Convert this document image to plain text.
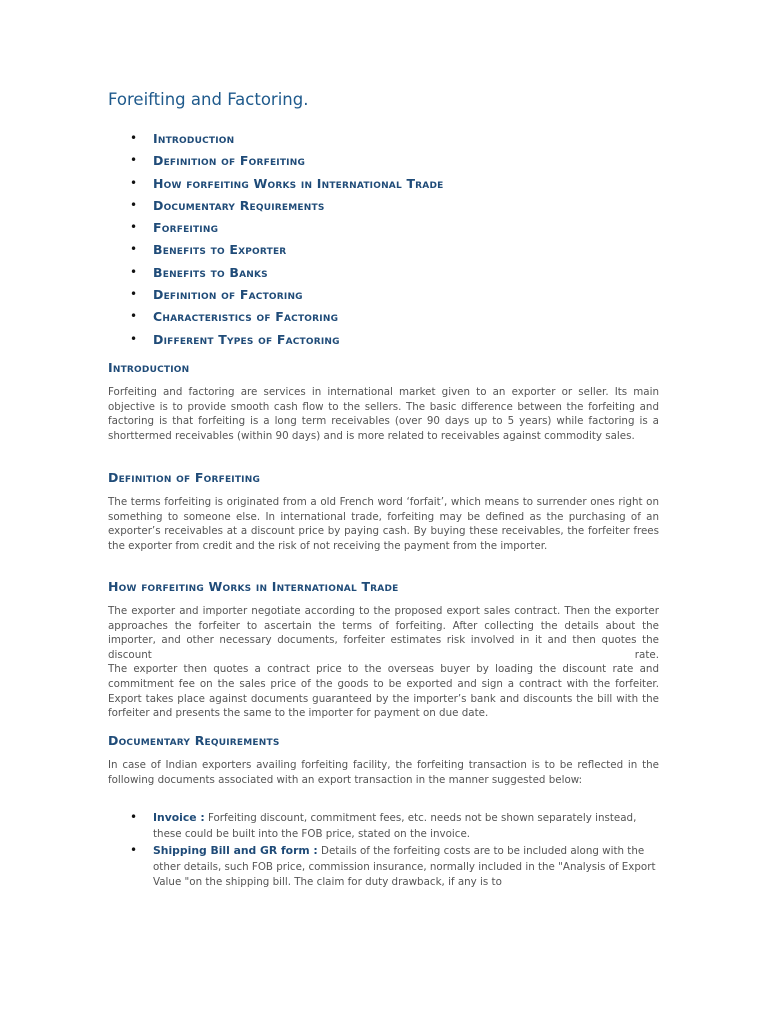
Foreifting and Factoring.
• Introduction
• Definition of Forfeiting
• How forfeiting Works in International Trade
• Documentary Requirements
• Forfeiting
• Benefits to Exporter
• Benefits to Banks
• Definition of Factoring
• Characteristics of Factoring
• Different Types of Factoring
Introduction

Forfeiting and factoring are services in international market given to an exporter or seller. Its main objective is to provide smooth cash flow to the sellers. The basic difference between the forfeiting and factoring is that forfeiting is a long term receivables (over 90 days up to 5 years) while factoring is a shorttermed receivables (within 90 days) and is more related to receivables against commodity sales.

Definition of Forfeiting

The terms forfeiting is originated from a old French word ‘forfait’, which means to surrender ones right on something to someone else. In international trade, forfeiting may be defined as the purchasing of an exporter’s receivables at a discount price by paying cash. By buying these receivables, the forfeiter frees the exporter from credit and the risk of not receiving the payment from the importer.

How forfeiting Works in International Trade

The exporter and importer negotiate according to the proposed export sales contract. Then the exporter approaches the forfeiter to ascertain the terms of forfeiting. After collecting the details about the importer, and other necessary documents, forfeiter estimates risk involved in it and then quotes the discount rate.

The exporter then quotes a contract price to the overseas buyer by loading the discount rate and commitment fee on the sales price of the goods to be exported and sign a contract with the forfeiter. Export takes place against documents guaranteed by the importer’s bank and discounts the bill with the forfeiter and presents the same to the importer for payment on due date.

Documentary Requirements

In case of Indian exporters availing forfeiting facility, the forfeiting transaction is to be reflected in the following documents associated with an export transaction in the manner suggested below:

• Invoice : Forfeiting discount, commitment fees, etc. needs not be shown separately instead, these could be built into the FOB price, stated on the invoice.
• Shipping Bill and GR form : Details of the forfeiting costs are to be included along with the other details, such FOB price, commission insurance, normally included in the "Analysis of Export Value "on the shipping bill. The claim for duty drawback, if any is to
